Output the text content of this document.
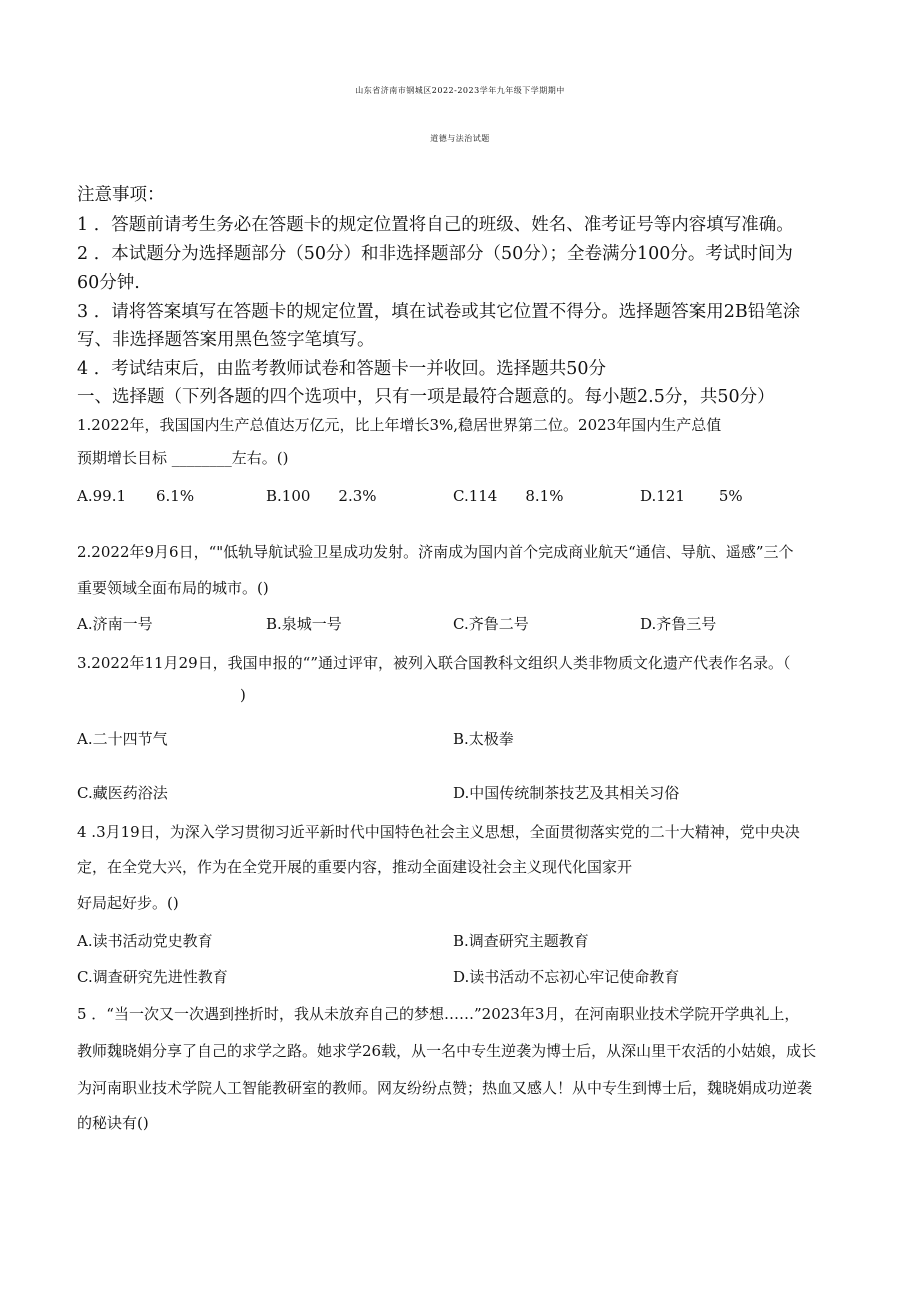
山东省济南市钢城区2022-2023学年九年级下学期期中
道德与法治试题
注意事项：
1 ．答题前请考生务必在答题卡的规定位置将自己的班级、姓名、准考证号等内容填写准确。
2 ．本试题分为选择题部分（50分）和非选择题部分（50分）；全卷满分100分。考试时间为
60分钟.
3 ．请将答案填写在答题卡的规定位置，填在试卷或其它位置不得分。选择题答案用2B铅笔涂
写、非选择题答案用黑色签字笔填写。
4 ．考试结束后，由监考教师试卷和答题卡一并收回。选择题共50分
一、选择题（下列各题的四个选项中，只有一项是最符合题意的。每小题2.5分，共50分）
1.2022年，我国国内生产总值达万亿元，比上年增长3%,稳居世界第二位。2023年国内生产总值
预期增长目标 ________左右。()
A.99.1 6.1%	B.100 2.3%	C.114 8.1%	D.121 5%
2.2022年9月6日，“"低轨导航试验卫星成功发射。济南成为国内首个完成商业航天“通信、导航、遥感”三个
重要领域全面布局的城市。()
A.济南一号	B.泉城一号	C.齐鲁二号	D.齐鲁三号
3.2022年11月29日，我国申报的“”通过评审，被列入联合国教科文组织人类非物质文化遗产代表作名录。（
)
A.二十四节气	B.太极拳
C.藏医药浴法	D.中国传统制茶技艺及其相关习俗
4 .3月19日，为深入学习贯彻习近平新时代中国特色社会主义思想，全面贯彻落实党的二十大精神，党中央决
定，在全党大兴，作为在全党开展的重要内容，推动全面建设社会主义现代化国家开
好局起好步。()
A.读书活动党史教育	B.调查研究主题教育
C.调查研究先进性教育	D.读书活动不忘初心牢记使命教育
5 ．“当一次又一次遇到挫折时，我从未放弃自己的梦想……”2023年3月，在河南职业技术学院开学典礼上，
教师魏晓娟分享了自己的求学之路。她求学26载，从一名中专生逆袭为博士后，从深山里干农活的小姑娘，成长
为河南职业技术学院人工智能教研室的教师。网友纷纷点赞；热血又感人！从中专生到博士后，魏晓娟成功逆袭
的秘诀有()
